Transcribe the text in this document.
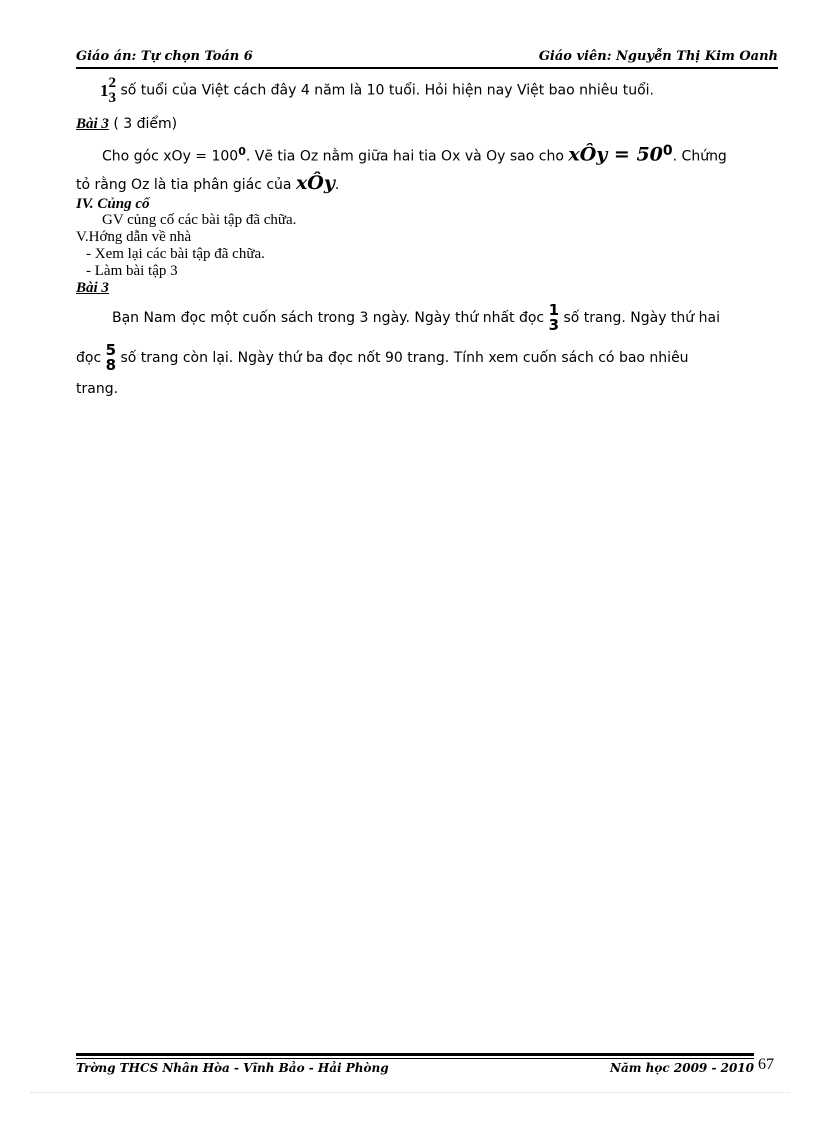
Giáo án: Tự chọn Toán 6	Giáo viên: Nguyễn Thị Kim Oanh
1 2
3 số tuổi của Việt cách đây 4 năm là 10 tuổi. Hỏi hiện nay Việt bao nhiêu tuổi.
Bài 3 ( 3 điểm)
Cho góc xOy = $100^0$. Vẽ tia Oz nằm giữa hai tia Ox và Oy sao cho xÔy = 500. Chứng
tỏ rằng Oz là tia phân giác của xÔy.
IV. Củng cố
GV củng cố các bài tập đã chữa.
V.Hớng dẫn về nhà
- Xem lại các bài tập đã chữa.
- Làm bài tập 3
Bài 3
Bạn Nam đọc một cuốn sách trong 3 ngày. Ngày thứ nhất đọc 1
3 số trang. Ngày thứ hai
đọc 5
8 số trang còn lại. Ngày thứ ba đọc nốt 90 trang. Tính xem cuốn sách có bao nhiêu
trang.
Trờng THCS Nhân Hòa - Vĩnh Bảo - Hải Phòng	Năm học 2009 - 2010 67
